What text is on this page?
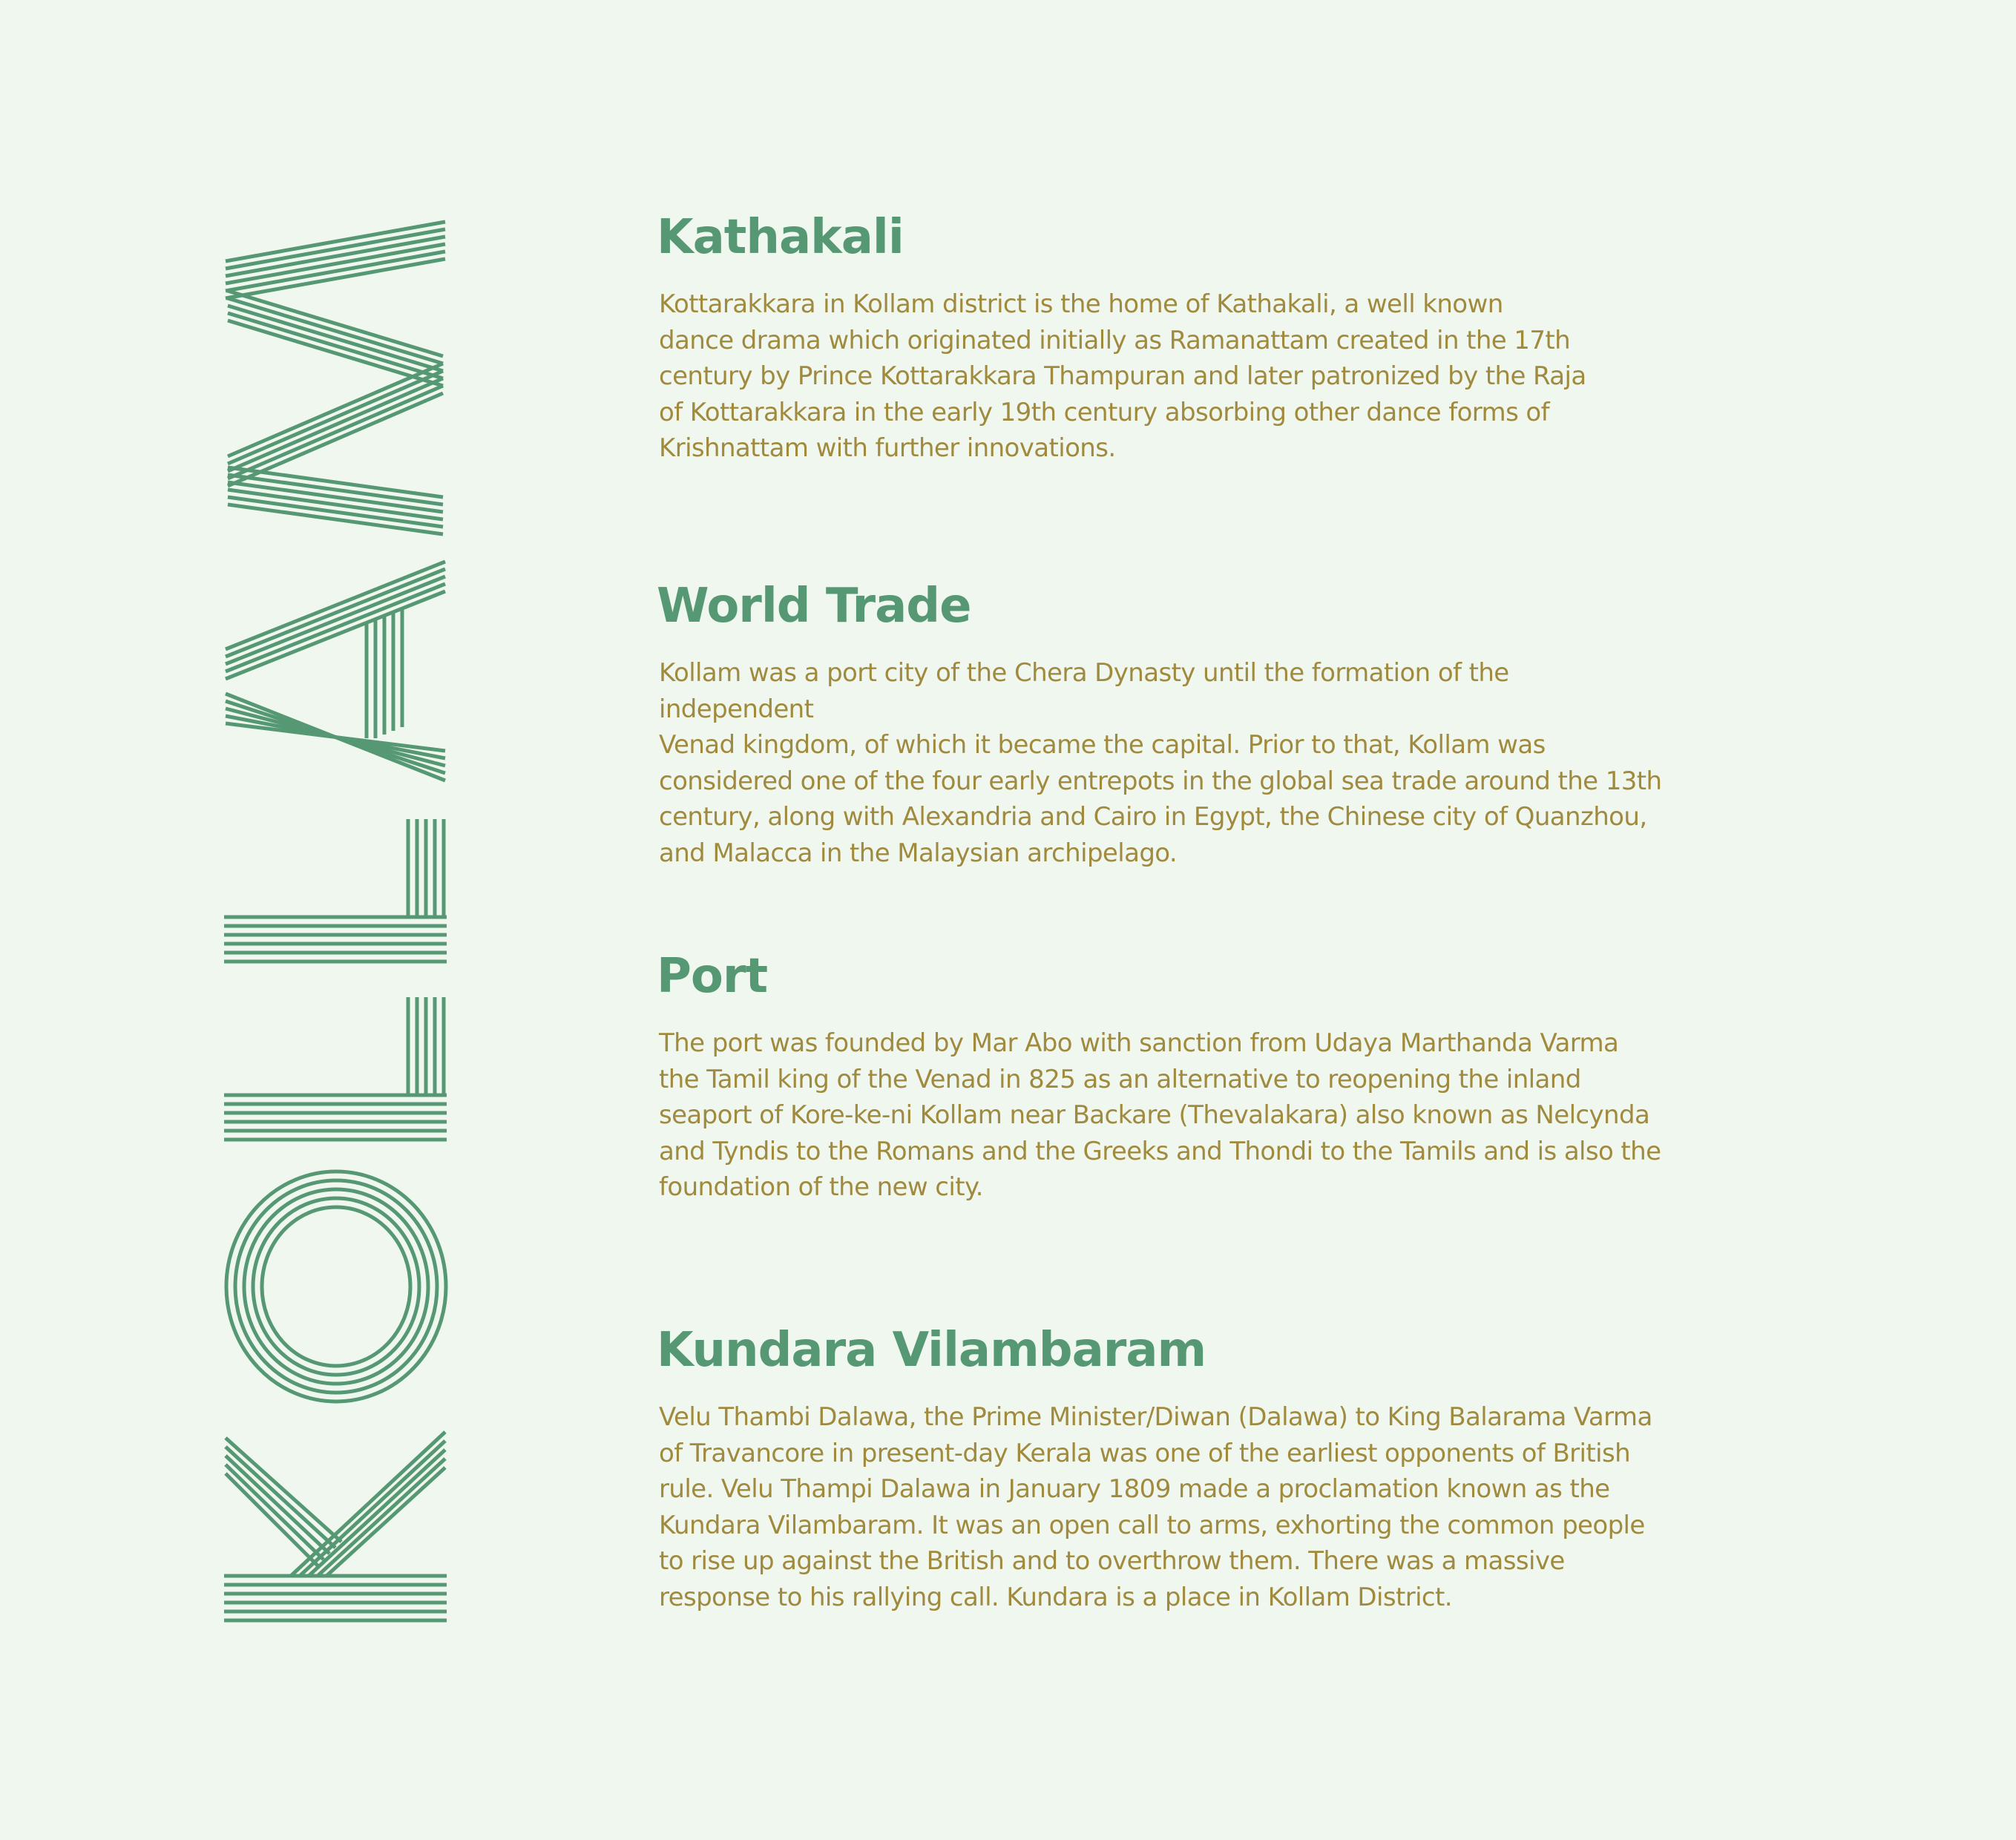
Kathakali

Kottarakkara in Kollam district is the home of Kathakali, a well known
dance drama which originated initially as Ramanattam created in the 17th
century by Prince Kottarakkara Thampuran and later patronized by the Raja
of Kottarakkara in the early 19th century absorbing other dance forms of
Krishnattam with further innovations.

World Trade

Kollam was a port city of the Chera Dynasty until the formation of the independent
Venad kingdom, of which it became the capital. Prior to that, Kollam was
considered one of the four early entrepots in the global sea trade around the 13th
century, along with Alexandria and Cairo in Egypt, the Chinese city of Quanzhou,
and Malacca in the Malaysian archipelago.

Port

The port was founded by Mar Abo with sanction from Udaya Marthanda Varma
the Tamil king of the Venad in 825 as an alternative to reopening the inland
seaport of Kore-ke-ni Kollam near Backare (Thevalakara) also known as Nelcynda
and Tyndis to the Romans and the Greeks and Thondi to the Tamils and is also the
foundation of the new city.

Kundara Vilambaram

Velu Thambi Dalawa, the Prime Minister/Diwan (Dalawa) to King Balarama Varma
of Travancore in present-day Kerala was one of the earliest opponents of British
rule. Velu Thampi Dalawa in January 1809 made a proclamation known as the
Kundara Vilambaram. It was an open call to arms, exhorting the common people
to rise up against the British and to overthrow them. There was a massive
response to his rallying call. Kundara is a place in Kollam District.
